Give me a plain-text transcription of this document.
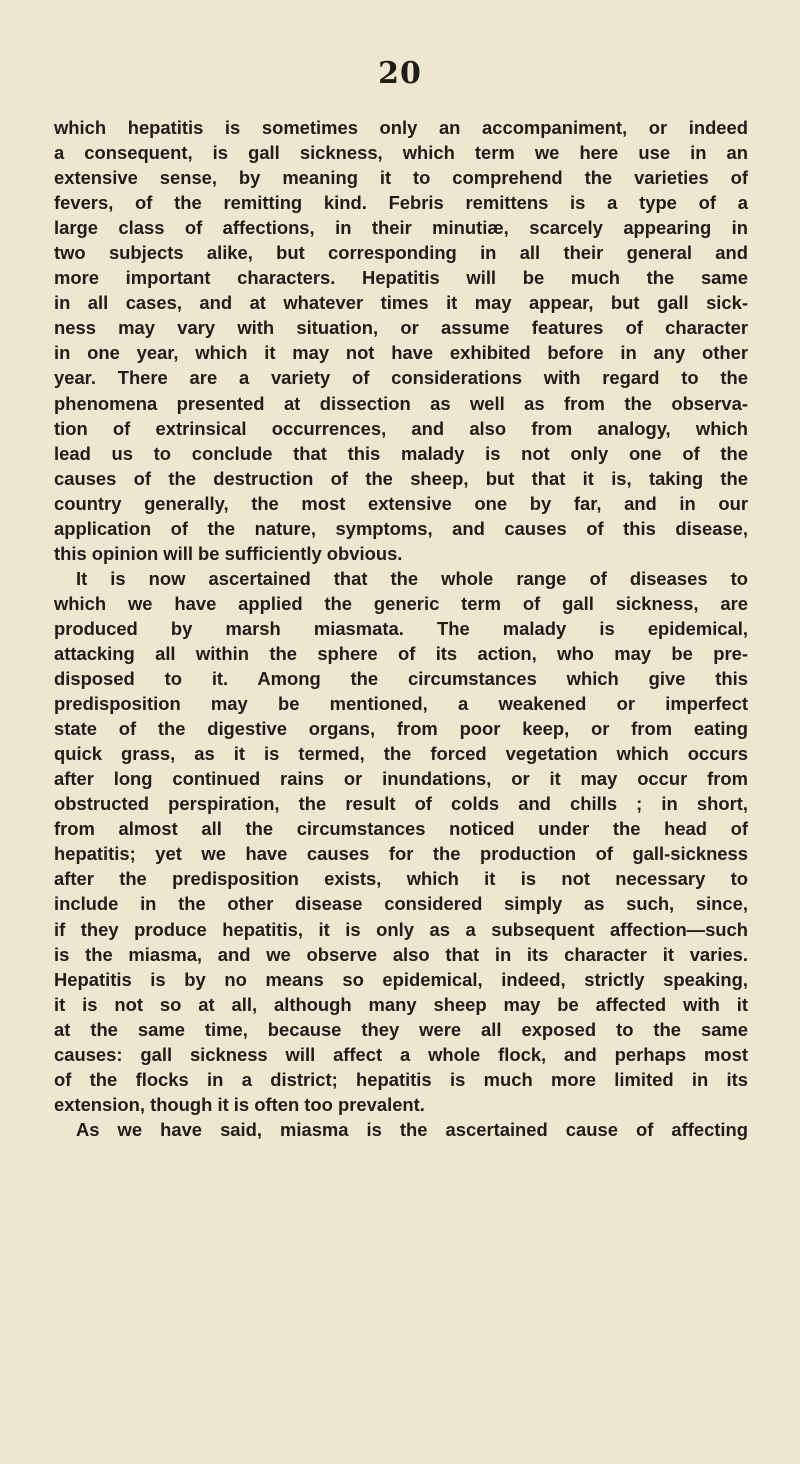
20
which hepatitis is sometimes only an accompaniment, or indeed
a consequent, is gall sickness, which term we here use in an
extensive sense, by meaning it to comprehend the varieties of
fevers, of the remitting kind. Febris remittens is a type of a
large class of affections, in their minutiæ, scarcely appearing in
two subjects alike, but corresponding in all their general and
more important characters. Hepatitis will be much the same
in all cases, and at whatever times it may appear, but gall sick-
ness may vary with situation, or assume features of character
in one year, which it may not have exhibited before in any other
year. There are a variety of considerations with regard to the
phenomena presented at dissection as well as from the observa-
tion of extrinsical occurrences, and also from analogy, which
lead us to conclude that this malady is not only one of the
causes of the destruction of the sheep, but that it is, taking the
country generally, the most extensive one by far, and in our
application of the nature, symptoms, and causes of this disease,
this opinion will be sufficiently obvious.
It is now ascertained that the whole range of diseases to
which we have applied the generic term of gall sickness, are
produced by marsh miasmata. The malady is epidemical,
attacking all within the sphere of its action, who may be pre-
disposed to it. Among the circumstances which give this
predisposition may be mentioned, a weakened or imperfect
state of the digestive organs, from poor keep, or from eating
quick grass, as it is termed, the forced vegetation which occurs
after long continued rains or inundations, or it may occur from
obstructed perspiration, the result of colds and chills ; in short,
from almost all the circumstances noticed under the head of
hepatitis; yet we have causes for the production of gall-sickness
after the predisposition exists, which it is not necessary to
include in the other disease considered simply as such, since,
if they produce hepatitis, it is only as a subsequent affection—such
is the miasma, and we observe also that in its character it varies.
Hepatitis is by no means so epidemical, indeed, strictly speaking,
it is not so at all, although many sheep may be affected with it
at the same time, because they were all exposed to the same
causes: gall sickness will affect a whole flock, and perhaps most
of the flocks in a district; hepatitis is much more limited in its
extension, though it is often too prevalent.
As we have said, miasma is the ascertained cause of affecting
